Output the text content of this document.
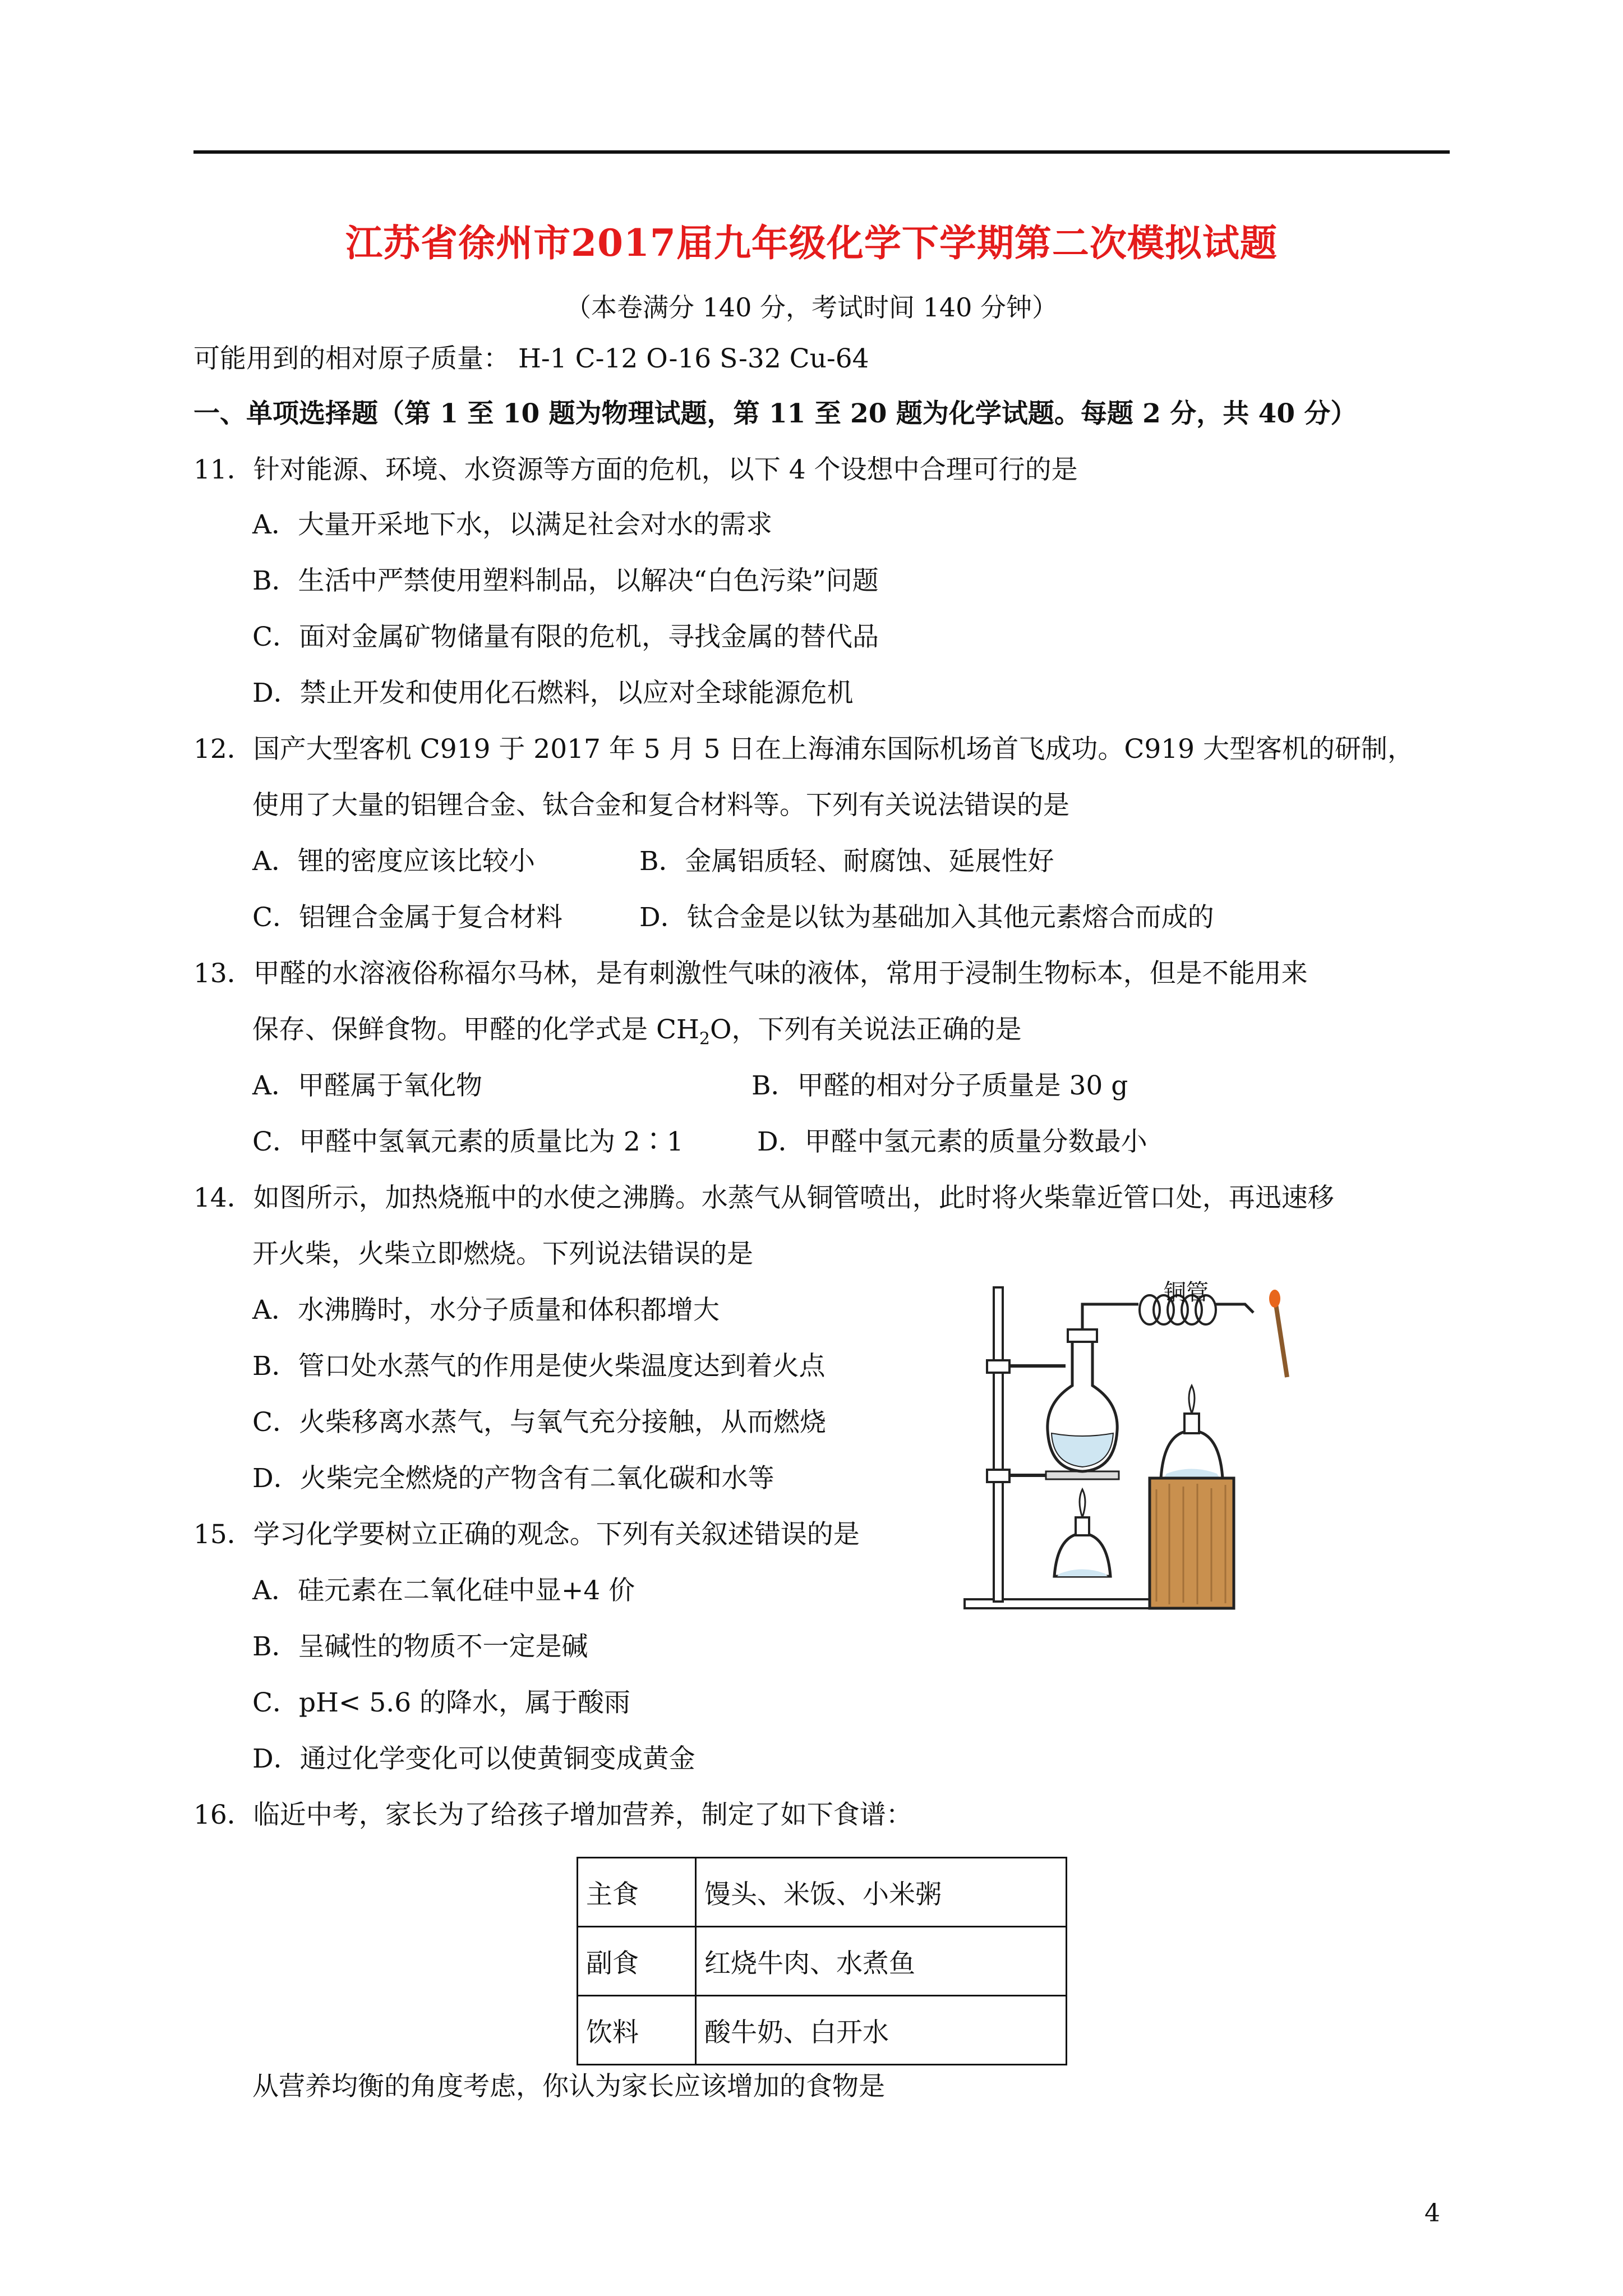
江苏省徐州市2017届九年级化学下学期第二次模拟试题
（本卷满分 140 分，考试时间 140 分钟）
可能用到的相对原子质量： H-1 C-12 O-16 S-32 Cu-64
一、单项选择题（第 1 至 10 题为物理试题，第 11 至 20 题为化学试题。每题 2 分，共 40 分）
11．针对能源、环境、水资源等方面的危机，以下 4 个设想中合理可行的是
A．大量开采地下水，以满足社会对水的需求
B．生活中严禁使用塑料制品，以解决“白色污染”问题
C．面对金属矿物储量有限的危机，寻找金属的替代品
D．禁止开发和使用化石燃料，以应对全球能源危机
12．国产大型客机 C919 于 2017 年 5 月 5 日在上海浦东国际机场首飞成功。C919 大型客机的研制，
使用了大量的铝锂合金、钛合金和复合材料等。下列有关说法错误的是
A．锂的密度应该比较小	B．金属铝质轻、耐腐蚀、延展性好
C．铝锂合金属于复合材料	D．钛合金是以钛为基础加入其他元素熔合而成的
13．甲醛的水溶液俗称福尔马林，是有刺激性气味的液体，常用于浸制生物标本，但是不能用来
保存、保鲜食物。甲醛的化学式是 $CH_2O$，下列有关说法正确的是
A．甲醛属于氧化物	B．甲醛的相对分子质量是 30 g
C．甲醛中氢氧元素的质量比为 2∶1	D．甲醛中氢元素的质量分数最小
14．如图所示，加热烧瓶中的水使之沸腾。水蒸气从铜管喷出，此时将火柴靠近管口处，再迅速移
开火柴，火柴立即燃烧。下列说法错误的是
A．水沸腾时，水分子质量和体积都增大
B．管口处水蒸气的作用是使火柴温度达到着火点
C．火柴移离水蒸气，与氧气充分接触，从而燃烧
D．火柴完全燃烧的产物含有二氧化碳和水等
铜管
15．学习化学要树立正确的观念。下列有关叙述错误的是
A．硅元素在二氧化硅中显+4 价
B．呈碱性的物质不一定是碱
C．pH< 5.6 的降水，属于酸雨
D．通过化学变化可以使黄铜变成黄金
16．临近中考，家长为了给孩子增加营养，制定了如下食谱：
主食	馒头、米饭、小米粥
副食	红烧牛肉、水煮鱼
饮料	酸牛奶、白开水
从营养均衡的角度考虑，你认为家长应该增加的食物是
4
